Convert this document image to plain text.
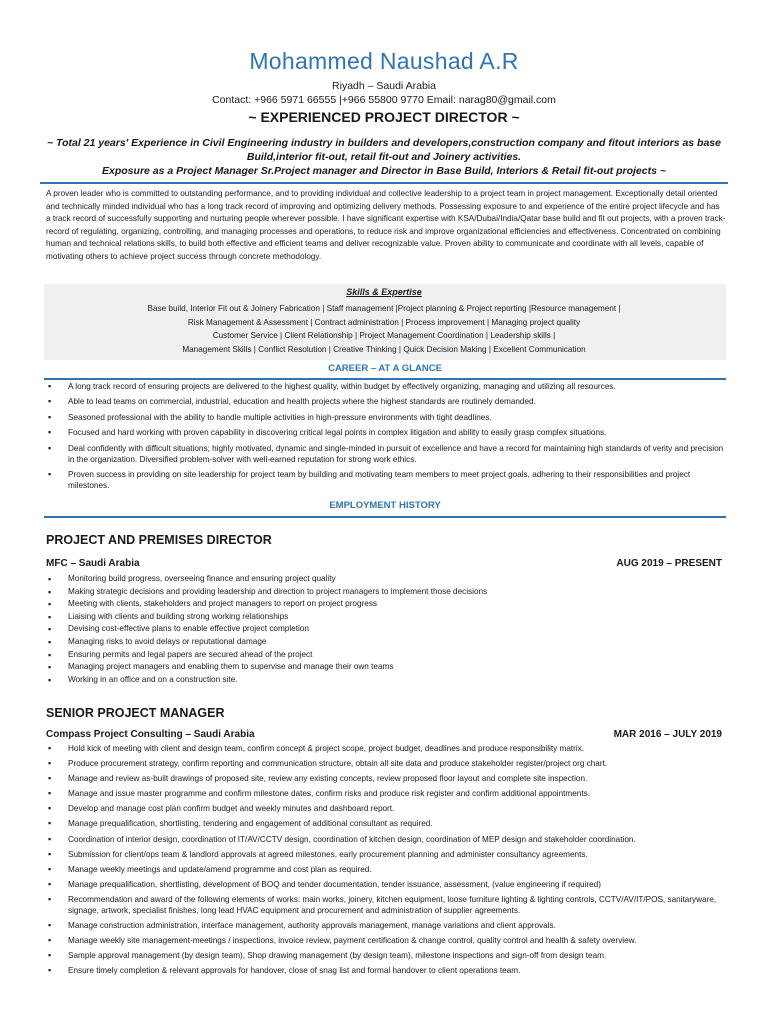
Mohammed Naushad A.R
Riyadh – Saudi Arabia
Contact: +966 5971 66555 |+966 55800 9770 Email: narag80@gmail.com
~ EXPERIENCED PROJECT DIRECTOR ~
~ Total 21 years' Experience in Civil Engineering industry in builders and developers,construction company and fitout interiors as base Build,interior fit-out, retail fit-out and Joinery activities.
Exposure as a Project Manager Sr.Project manager and Director in Base Build, Interiors & Retail fit-out projects ~
A proven leader who is committed to outstanding performance, and to providing individual and collective leadership to a project team in project management. Exceptionally detail oriented and technically minded individual who has a long track record of improving and optimizing delivery methods. Possessing exposure to and experience of the entire project lifecycle and has a track record of successfully supporting and nurturing people wherever possible. I have significant expertise with KSA/Dubai/India/Qatar base build and fit out projects, with a proven track-record of regulating, organizing, controlling, and managing processes and operations, to reduce risk and improve organizational efficiencies and effectiveness. Concentrated on combining human and technical relations skills, to build both effective and efficient teams and deliver recognizable value. Proven ability to communicate and coordinate with all levels, capable of motivating others to achieve project success through concrete methodology.
Skills & Expertise
Base build, Interior Fit out & Joinery Fabrication | Staff management |Project planning & Project reporting |Resource management |
Risk Management & Assessment | Contract administration | Process improvement | Managing project quality
Customer Service | Client Relationship | Project Management Coordination | Leadership skills |
Management Skills | Conflict Resolution | Creative Thinking | Quick Decision Making | Excellent Communication
CAREER – AT A GLANCE
▪ A long track record of ensuring projects are delivered to the highest quality, within budget by effectively organizing, managing and utilizing all resources.
▪ Able to lead teams on commercial, industrial, education and health projects where the highest standards are routinely demanded.
▪ Seasoned professional with the ability to handle multiple activities in high-pressure environments with tight deadlines.
▪ Focused and hard working with proven capability in discovering critical legal points in complex litigation and ability to easily grasp complex situations.
▪ Deal confidently with difficult situations; highly motivated, dynamic and single-minded in pursuit of excellence and have a record for maintaining high standards of verity and precision in the organization. Diversified problem-solver with well-earned reputation for strong work ethics.
▪ Proven success in providing on site leadership for project team by building and motivating team members to meet project goals, adhering to their responsibilities and project milestones.
EMPLOYMENT HISTORY
PROJECT AND PREMISES DIRECTOR
MFC – Saudi Arabia	AUG 2019 – PRESENT
▪ Monitoring build progress, overseeing finance and ensuring project quality
▪ Making strategic decisions and providing leadership and direction to project managers to implement those decisions
▪ Meeting with clients, stakeholders and project managers to report on project progress
▪ Liaising with clients and building strong working relationships
▪ Devising cost-effective plans to enable effective project completion
▪ Managing risks to avoid delays or reputational damage
▪ Ensuring permits and legal papers are secured ahead of the project
▪ Managing project managers and enabling them to supervise and manage their own teams
▪ Working in an office and on a construction site.
SENIOR PROJECT MANAGER
Compass Project Consulting – Saudi Arabia	MAR 2016 – JULY 2019
▪ Hold kick of meeting with client and design team, confirm concept & project scope, project budget, deadlines and produce responsibility matrix.
▪ Produce procurement strategy, confirm reporting and communication structure, obtain all site data and produce stakeholder register/project org chart.
▪ Manage and review as-built drawings of proposed site, review any existing concepts, review proposed floor layout and complete site inspection.
▪ Manage and issue master programme and confirm milestone dates, confirm risks and produce risk register and confirm additional appointments.
▪ Develop and manage cost plan confirm budget and weekly minutes and dashboard report.
▪ Manage prequalification, shortlisting, tendering and engagement of additional consultant as required.
▪ Coordination of interior design, coordination of IT/AV/CCTV design, coordination of kitchen design, coordination of MEP design and stakeholder coordination.
▪ Submission for client/ops team & landlord approvals at agreed milestones, early procurement planning and administer consultancy agreements.
▪ Manage weekly meetings and update/amend programme and cost plan as required.
▪ Manage prequalification, shortlisting, development of BOQ and tender documentation, tender issuance, assessment, (value engineering if required)
▪ Recommendation and award of the following elements of works: main works, joinery, kitchen equipment, loose furniture lighting & lighting controls, CCTV/AV/IT/POS, sanitaryware, signage, artwork, specialist finishes, long lead HVAC equipment and procurement and administration of supplier agreements.
▪ Manage construction administration, interface management, authority approvals management, manage variations and client approvals.
▪ Manage weekly site management-meetings / inspections, invoice review, payment certification & change control, quality control and health & safety overview.
▪ Sample approval management (by design team), Shop drawing management (by design team), milestone inspections and sign-off from design team.
▪ Ensure timely completion & relevant approvals for handover, close of snag list and formal handover to client operations team.
